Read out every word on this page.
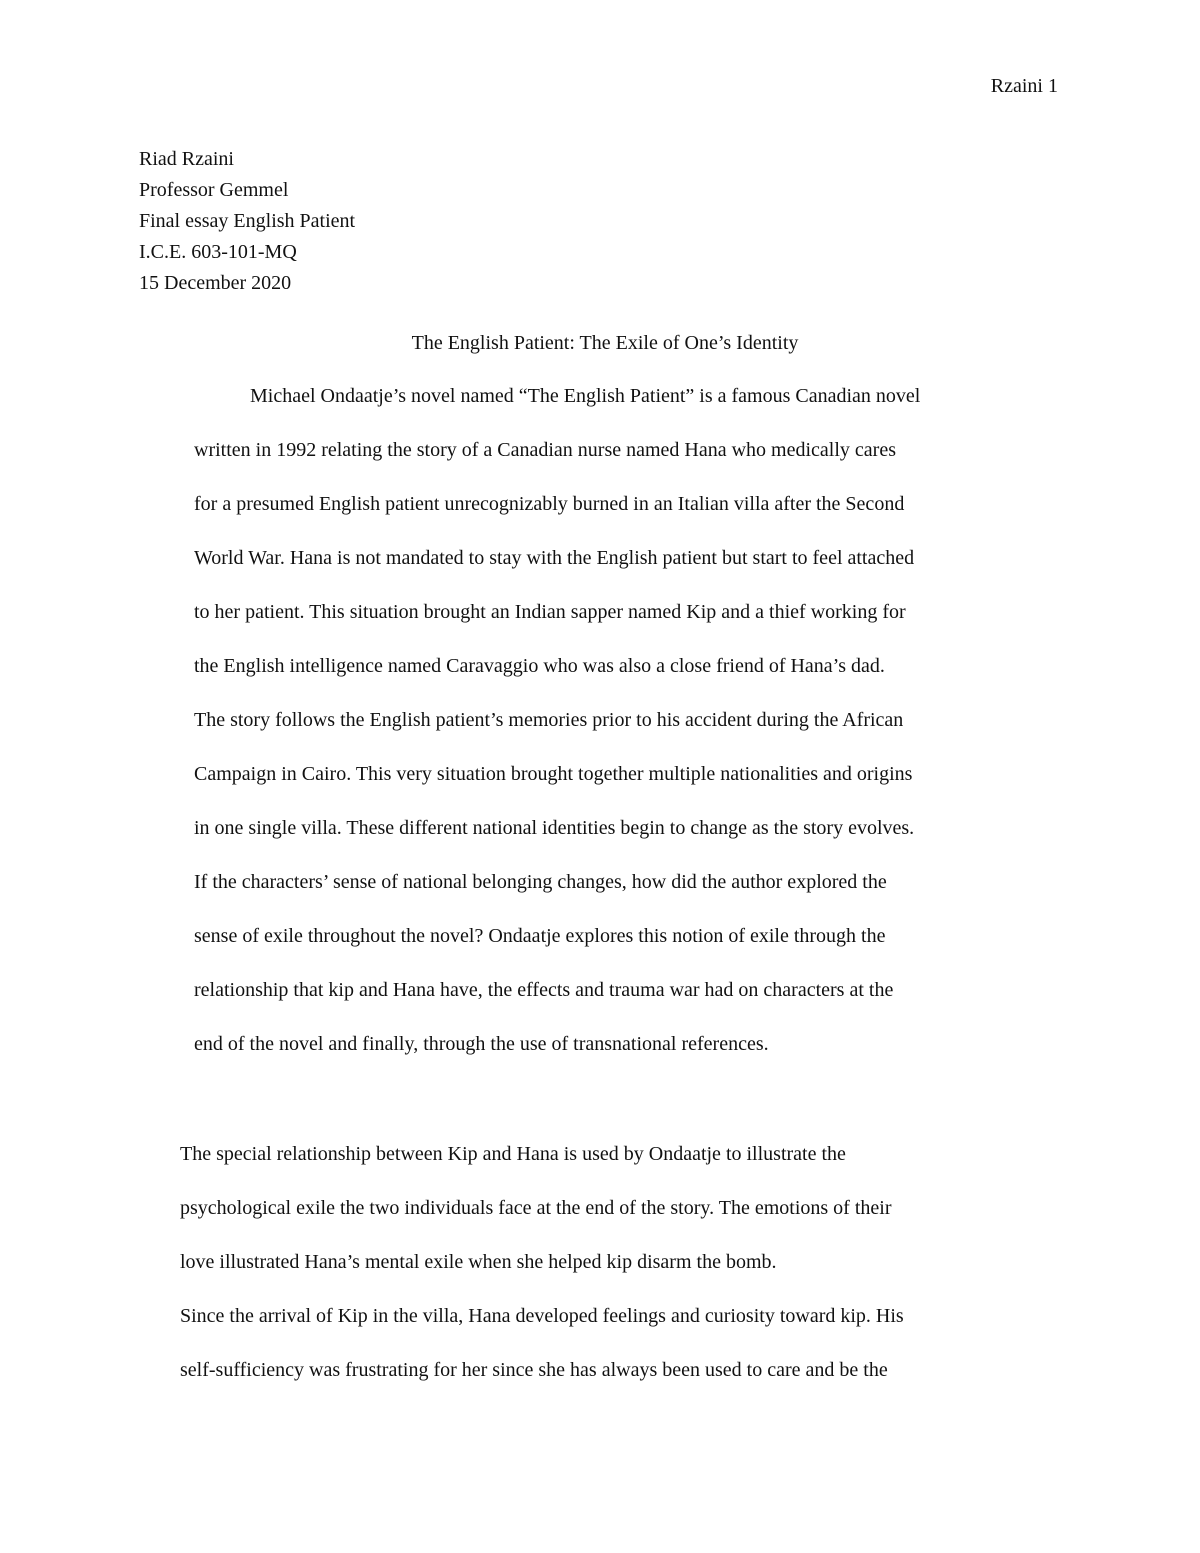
Rzaini 1
Riad Rzaini
Professor Gemmel
Final essay English Patient
I.C.E. 603-101-MQ
15 December 2020
The English Patient: The Exile of One’s Identity
Michael Ondaatje’s novel named “The English Patient” is a famous Canadian novel
written in 1992 relating the story of a Canadian nurse named Hana who medically cares
for a presumed English patient unrecognizably burned in an Italian villa after the Second
World War. Hana is not mandated to stay with the English patient but start to feel attached
to her patient. This situation brought an Indian sapper named Kip and a thief working for
the English intelligence named Caravaggio who was also a close friend of Hana’s dad.
The story follows the English patient’s memories prior to his accident during the African
Campaign in Cairo. This very situation brought together multiple nationalities and origins
in one single villa. These different national identities begin to change as the story evolves.
If the characters’ sense of national belonging changes, how did the author explored the
sense of exile throughout the novel? Ondaatje explores this notion of exile through the
relationship that kip and Hana have, the effects and trauma war had on characters at the
end of the novel and finally, through the use of transnational references.
The special relationship between Kip and Hana is used by Ondaatje to illustrate the
psychological exile the two individuals face at the end of the story. The emotions of their
love illustrated Hana’s mental exile when she helped kip disarm the bomb.
Since the arrival of Kip in the villa, Hana developed feelings and curiosity toward kip. His
self-sufficiency was frustrating for her since she has always been used to care and be the
